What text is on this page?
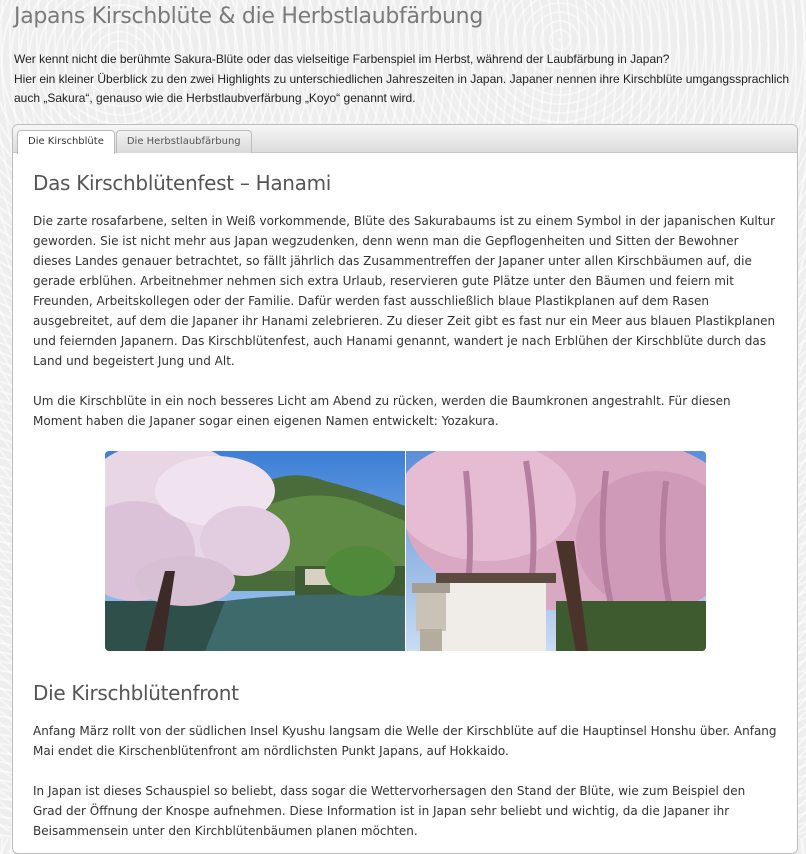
Japans Kirschblüte & die Herbstlaubfärbung

Wer kennt nicht die berühmte Sakura-Blüte oder das vielseitige Farbenspiel im Herbst, während der Laubfärbung in Japan?

Hier ein kleiner Überblick zu den zwei Highlights zu unterschiedlichen Jahreszeiten in Japan. Japaner nennen ihre Kirschblüte umgangssprachlich auch „Sakura“, genauso wie die Herbstlaubverfärbung „Koyo“ genannt wird.

Die Kirschblüte Die Herbstlaubfärbung
Das Kirschblütenfest – Hanami

Die zarte rosafarbene, selten in Weiß vorkommende, Blüte des Sakurabaums ist zu einem Symbol in der japanischen Kultur geworden. Sie ist nicht mehr aus Japan wegzudenken, denn wenn man die Gepflogenheiten und Sitten der Bewohner dieses Landes genauer betrachtet, so fällt jährlich das Zusammentreffen der Japaner unter allen Kirschbäumen auf, die gerade erblühen. Arbeitnehmer nehmen sich extra Urlaub, reservieren gute Plätze unter den Bäumen und feiern mit Freunden, Arbeitskollegen oder der Familie. Dafür werden fast ausschließlich blaue Plastikplanen auf dem Rasen ausgebreitet, auf dem die Japaner ihr Hanami zelebrieren. Zu dieser Zeit gibt es fast nur ein Meer aus blauen Plastikplanen und feiernden Japanern. Das Kirschblütenfest, auch Hanami genannt, wandert je nach Erblühen der Kirschblüte durch das Land und begeistert Jung und Alt.

Um die Kirschblüte in ein noch besseres Licht am Abend zu rücken, werden die Baumkronen angestrahlt. Für diesen Moment haben die Japaner sogar einen eigenen Namen entwickelt: Yozakura.

Die Kirschblütenfront

Anfang März rollt von der südlichen Insel Kyushu langsam die Welle der Kirschblüte auf die Hauptinsel Honshu über. Anfang Mai endet die Kirschenblütenfront am nördlichsten Punkt Japans, auf Hokkaido.

In Japan ist dieses Schauspiel so beliebt, dass sogar die Wettervorhersagen den Stand der Blüte, wie zum Beispiel den Grad der Öffnung der Knospe aufnehmen. Diese Information ist in Japan sehr beliebt und wichtig, da die Japaner ihr Beisammensein unter den Kirchblütenbäumen planen möchten.
